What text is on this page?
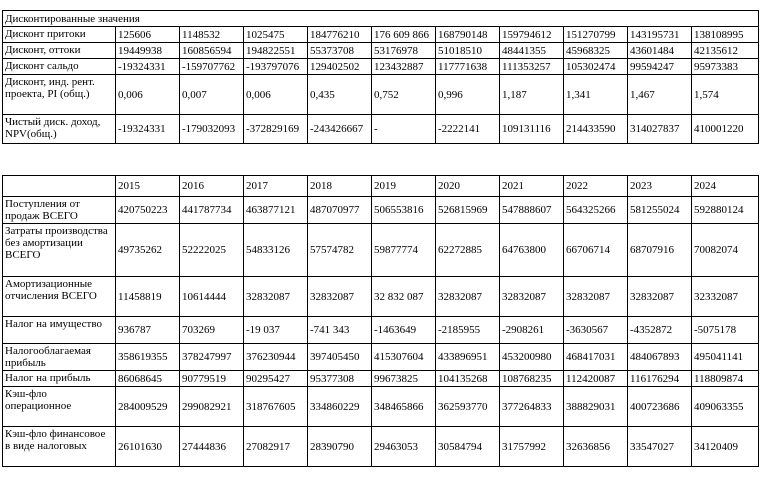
Дисконтированные значения										
Дисконт притоки	125606	1148532	1025475	184776210	176 609 866	168790148	159794612	151270799	143195731	138108995
Дисконт, оттоки	19449938	160856594	194822551	55373708	53176978	51018510	48441355	45968325	43601484	42135612
Дисконт сальдо	-19324331	-159707762	-193797076	129402502	123432887	117771638	111353257	105302474	99594247	95973383
Дисконт, инд. рент. проекта, PI (общ.)	0,006	0,007	0,006	0,435	0,752	0,996	1,187	1,341	1,467	1,574
Чистый диск. доход, NPV(общ.)	-19324331	-179032093	-372829169	-243426667	-	-2222141	109131116	214433590	314027837	410001220
	2015	2016	2017	2018	2019	2020	2021	2022	2023	2024
Поступления от продаж ВСЕГО	420750223	441787734	463877121	487070977	506553816	526815969	547888607	564325266	581255024	592880124
Затраты производства без амортизации ВСЕГО	49735262	52222025	54833126	57574782	59877774	62272885	64763800	66706714	68707916	70082074
Амортизационные отчисления ВСЕГО	11458819	10614444	32832087	32832087	32 832 087	32832087	32832087	32832087	32832087	32332087
Налог на имущество	936787	703269	-19 037	-741 343	-1463649	-2185955	-2908261	-3630567	-4352872	-5075178
Налогооблагаемая прибыль	358619355	378247997	376230944	397405450	415307604	433896951	453200980	468417031	484067893	495041141
Налог на прибыль	86068645	90779519	90295427	95377308	99673825	104135268	108768235	112420087	116176294	118809874
Кэш-фло операционное	284009529	299082921	318767605	334860229	348465866	362593770	377264833	388829031	400723686	409063355
Кэш-фло финансовое в виде налоговых	26101630	27444836	27082917	28390790	29463053	30584794	31757992	32636856	33547027	34120409
